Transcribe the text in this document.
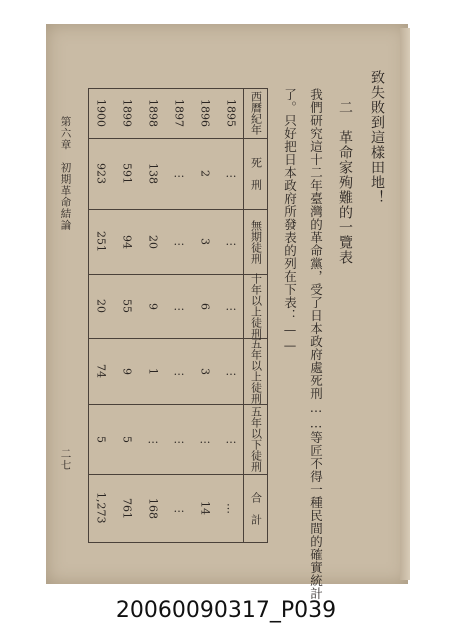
致失敗到這樣田地！
二　革命家殉難的一覽表
我們研究這十二年臺灣的革命黨，受了日本政府處死刑……等匠不得一種民間的確實統計
了。只好把日本政府所發表的列在下表：——
第六章　初期革命結論
二七
西曆紀年
死　刑
無期徒刑
十年以上徒刑
五年以上徒刑
五年以下徒刑
合　計
1895
…
…
…
…
…
…
1896
2
3
6
3
…
14
1897
…
…
…
…
…
…
1898
138
20
9
1
…
168
1899
591
94
55
9
5
761
1900
923
251
20
74
5
1,273
20060090317_P039
